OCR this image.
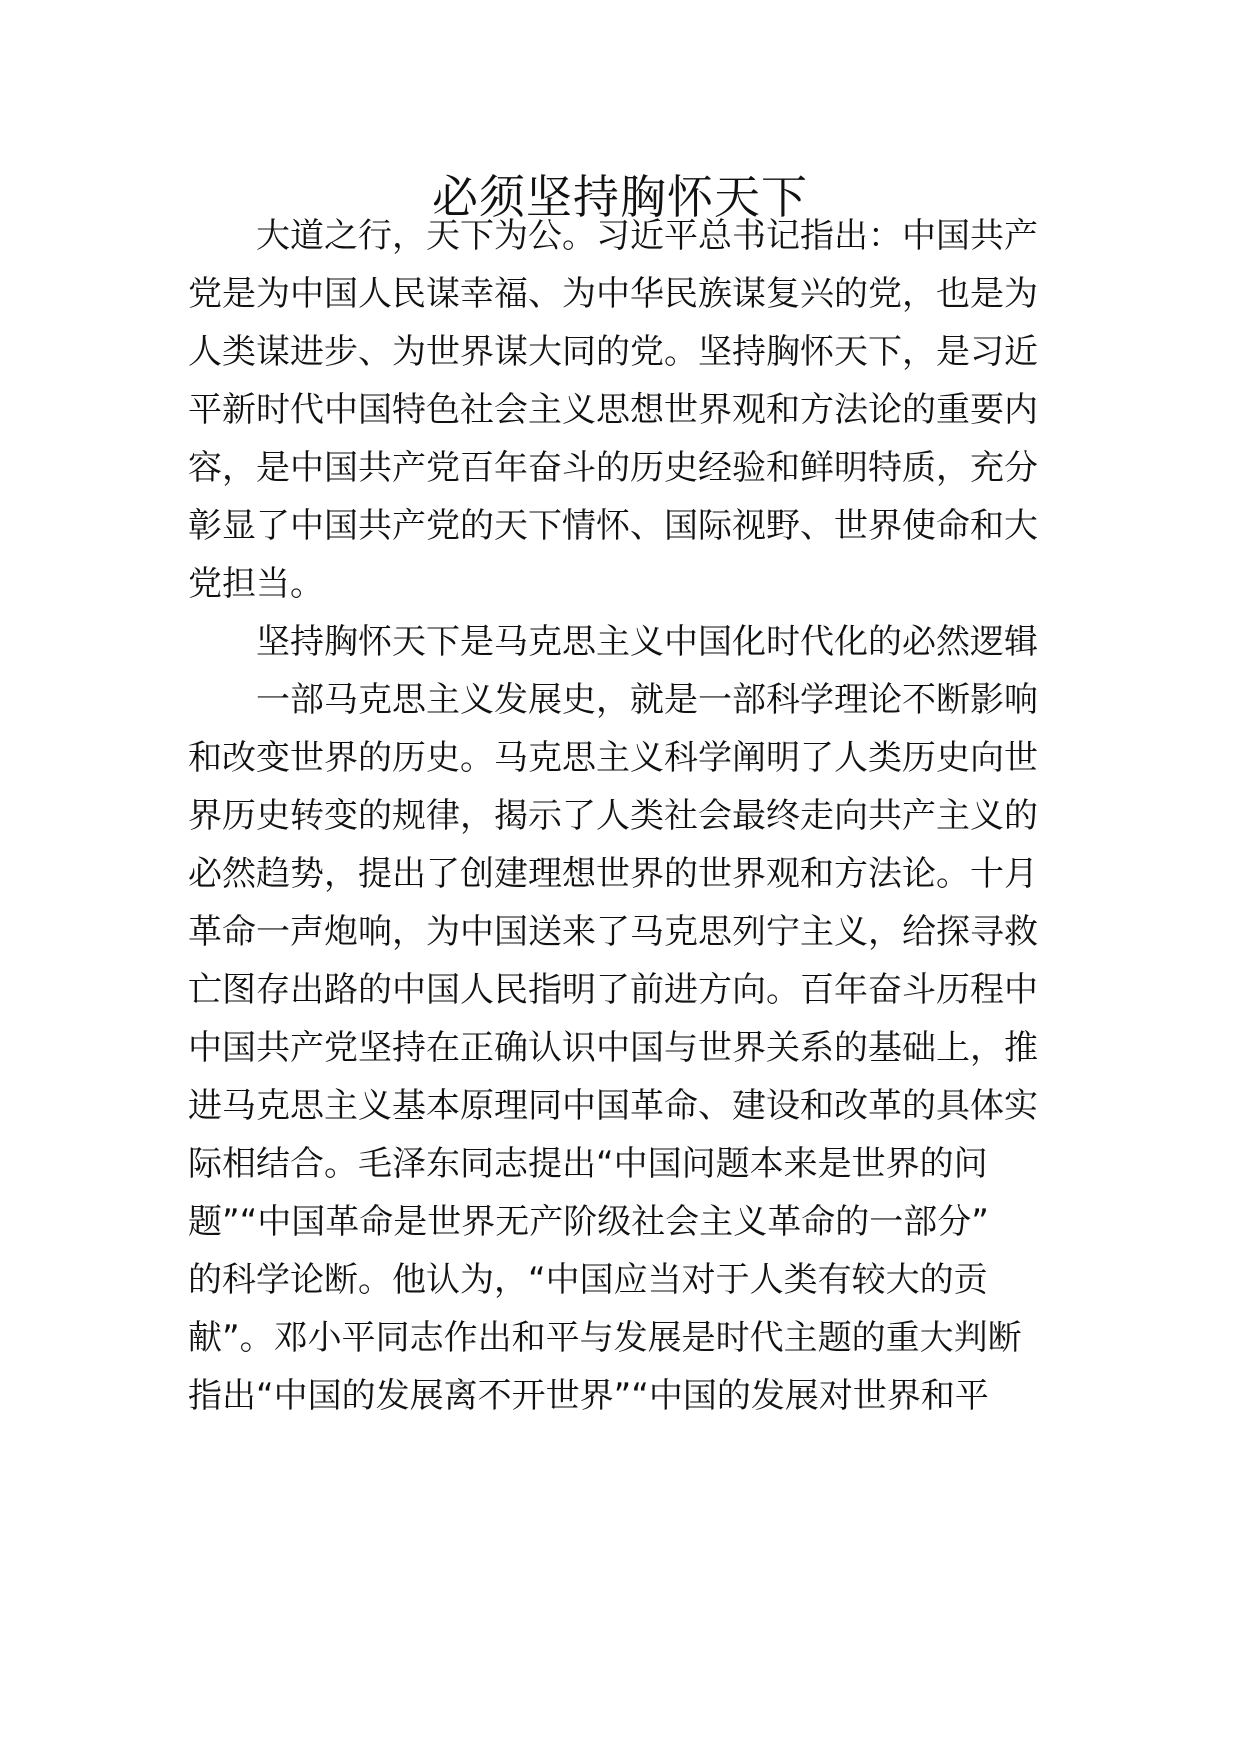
必须坚持胸怀天下
大道之行，天下为公。习近平总书记指出：中国共产
党是为中国人民谋幸福、为中华民族谋复兴的党，也是为
人类谋进步、为世界谋大同的党。坚持胸怀天下，是习近
平新时代中国特色社会主义思想世界观和方法论的重要内
容，是中国共产党百年奋斗的历史经验和鲜明特质，充分
彰显了中国共产党的天下情怀、国际视野、世界使命和大
党担当。
坚持胸怀天下是马克思主义中国化时代化的必然逻辑
一部马克思主义发展史，就是一部科学理论不断影响
和改变世界的历史。马克思主义科学阐明了人类历史向世
界历史转变的规律，揭示了人类社会最终走向共产主义的
必然趋势，提出了创建理想世界的世界观和方法论。十月
革命一声炮响，为中国送来了马克思列宁主义，给探寻救
亡图存出路的中国人民指明了前进方向。百年奋斗历程中
中国共产党坚持在正确认识中国与世界关系的基础上，推
进马克思主义基本原理同中国革命、建设和改革的具体实
际相结合。毛泽东同志提出“中国问题本来是世界的问
题”“中国革命是世界无产阶级社会主义革命的一部分”
的科学论断。他认为，“中国应当对于人类有较大的贡
献”。邓小平同志作出和平与发展是时代主题的重大判断
指出“中国的发展离不开世界”“中国的发展对世界和平
